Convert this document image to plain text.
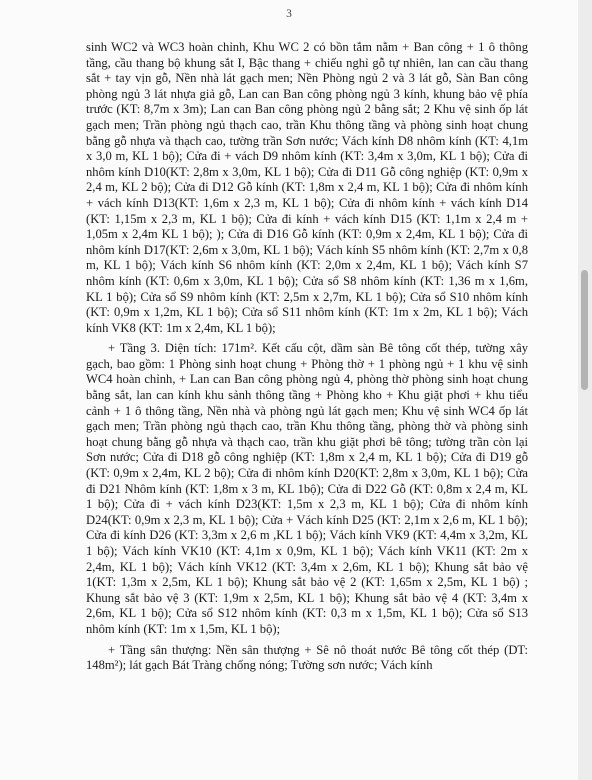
3

sinh WC2 và WC3 hoàn chỉnh, Khu WC 2 có bồn tắm nằm + Ban công + 1 ô thông tầng, cầu thang bộ khung sắt I, Bậc thang + chiếu nghỉ gỗ tự nhiên, lan can cầu thang sắt + tay vịn gỗ, Nền nhà lát gạch men; Nền Phòng ngủ 2 và 3 lát gỗ, Sàn Ban công phòng ngủ 3 lát nhựa giả gỗ, Lan can Ban công phòng ngủ 3 kính, khung bảo vệ phía trước (KT: 8,7m x 3m); Lan can Ban công phòng ngủ 2 bằng sắt; 2 Khu vệ sinh ốp lát gạch men; Trần phòng ngủ thạch cao, trần Khu thông tầng và phòng sinh hoạt chung bằng gỗ nhựa và thạch cao, tường trần Sơn nước; Vách kính D8 nhôm kính (KT: 4,1m x 3,0 m, KL 1 bộ); Cửa đi + vách D9 nhôm kính (KT: 3,4m x 3,0m, KL 1 bộ); Cửa đi nhôm kính D10(KT: 2,8m x 3,0m, KL 1 bộ); Cửa đi D11 Gỗ công nghiệp (KT: 0,9m x 2,4 m, KL 2 bộ); Cửa đi D12 Gỗ kính (KT: 1,8m x 2,4 m, KL 1 bộ); Cửa đi nhôm kính + vách kính D13(KT: 1,6m x 2,3 m, KL 1 bộ); Cửa đi nhôm kính + vách kính D14 (KT: 1,15m x 2,3 m, KL 1 bộ); Cửa đi kính + vách kính D15 (KT: 1,1m x 2,4 m + 1,05m x 2,4m KL 1 bộ); ); Cửa đi D16 Gỗ kính (KT: 0,9m x 2,4m, KL 1 bộ); Cửa đi nhôm kính D17(KT: 2,6m x 3,0m, KL 1 bộ); Vách kính S5 nhôm kính (KT: 2,7m x 0,8 m, KL 1 bộ); Vách kính S6 nhôm kính (KT: 2,0m x 2,4m, KL 1 bộ); Vách kính S7 nhôm kính (KT: 0,6m x 3,0m, KL 1 bộ); Cửa sổ S8 nhôm kính (KT: 1,36 m x 1,6m, KL 1 bộ); Cửa sổ S9 nhôm kính (KT: 2,5m x 2,7m, KL 1 bộ); Cửa sổ S10 nhôm kính (KT: 0,9m x 1,2m, KL 1 bộ); Cửa sổ S11 nhôm kính (KT: 1m x 2m, KL 1 bộ); Vách kính VK8 (KT: 1m x 2,4m, KL 1 bộ);

+ Tầng 3. Diện tích: 171m². Kết cấu cột, dầm sàn Bê tông cốt thép, tường xây gạch, bao gồm: 1 Phòng sinh hoạt chung + Phòng thờ + 1 phòng ngủ + 1 khu vệ sinh WC4 hoàn chỉnh, + Lan can Ban công phòng ngủ 4, phòng thờ phòng sinh hoạt chung bằng sắt, lan can kính khu sảnh thông tầng + Phòng kho + Khu giặt phơi + khu tiểu cảnh + 1 ô thông tầng, Nền nhà và phòng ngủ lát gạch men; Khu vệ sinh WC4 ốp lát gạch men; Trần phòng ngủ thạch cao, trần Khu thông tầng, phòng thờ và phòng sinh hoạt chung bằng gỗ nhựa và thạch cao, trần khu giặt phơi bê tông; tường trần còn lại Sơn nước; Cửa đi D18 gỗ công nghiệp (KT: 1,8m x 2,4 m, KL 1 bộ); Cửa đi D19 gỗ (KT: 0,9m x 2,4m, KL 2 bộ); Cửa đi nhôm kính D20(KT: 2,8m x 3,0m, KL 1 bộ); Cửa đi D21 Nhôm kính (KT: 1,8m x 3 m, KL 1bộ); Cửa đi D22 Gỗ (KT: 0,8m x 2,4 m, KL 1 bộ); Cửa đi + vách kính D23(KT: 1,5m x 2,3 m, KL 1 bộ); Cửa đi nhôm kính D24(KT: 0,9m x 2,3 m, KL 1 bộ); Cửa + Vách kính D25 (KT: 2,1m x 2,6 m, KL 1 bộ); Cửa đi kính D26 (KT: 3,3m x 2,6 m ,KL 1 bộ); Vách kính VK9 (KT: 4,4m x 3,2m, KL 1 bộ); Vách kính VK10 (KT: 4,1m x 0,9m, KL 1 bộ); Vách kính VK11 (KT: 2m x 2,4m, KL 1 bộ); Vách kính VK12 (KT: 3,4m x 2,6m, KL 1 bộ); Khung sắt bảo vệ 1(KT: 1,3m x 2,5m, KL 1 bộ); Khung sắt bảo vệ 2 (KT: 1,65m x 2,5m, KL 1 bộ) ; Khung sắt bảo vệ 3 (KT: 1,9m x 2,5m, KL 1 bộ); Khung sắt bảo vệ 4 (KT: 3,4m x 2,6m, KL 1 bộ); Cửa sổ S12 nhôm kính (KT: 0,3 m x 1,5m, KL 1 bộ); Cửa sổ S13 nhôm kính (KT: 1m x 1,5m, KL 1 bộ);

+ Tầng sân thượng: Nền sân thượng + Sê nô thoát nước Bê tông cốt thép (DT: 148m²); lát gạch Bát Tràng chống nóng; Tường sơn nước; Vách kính
